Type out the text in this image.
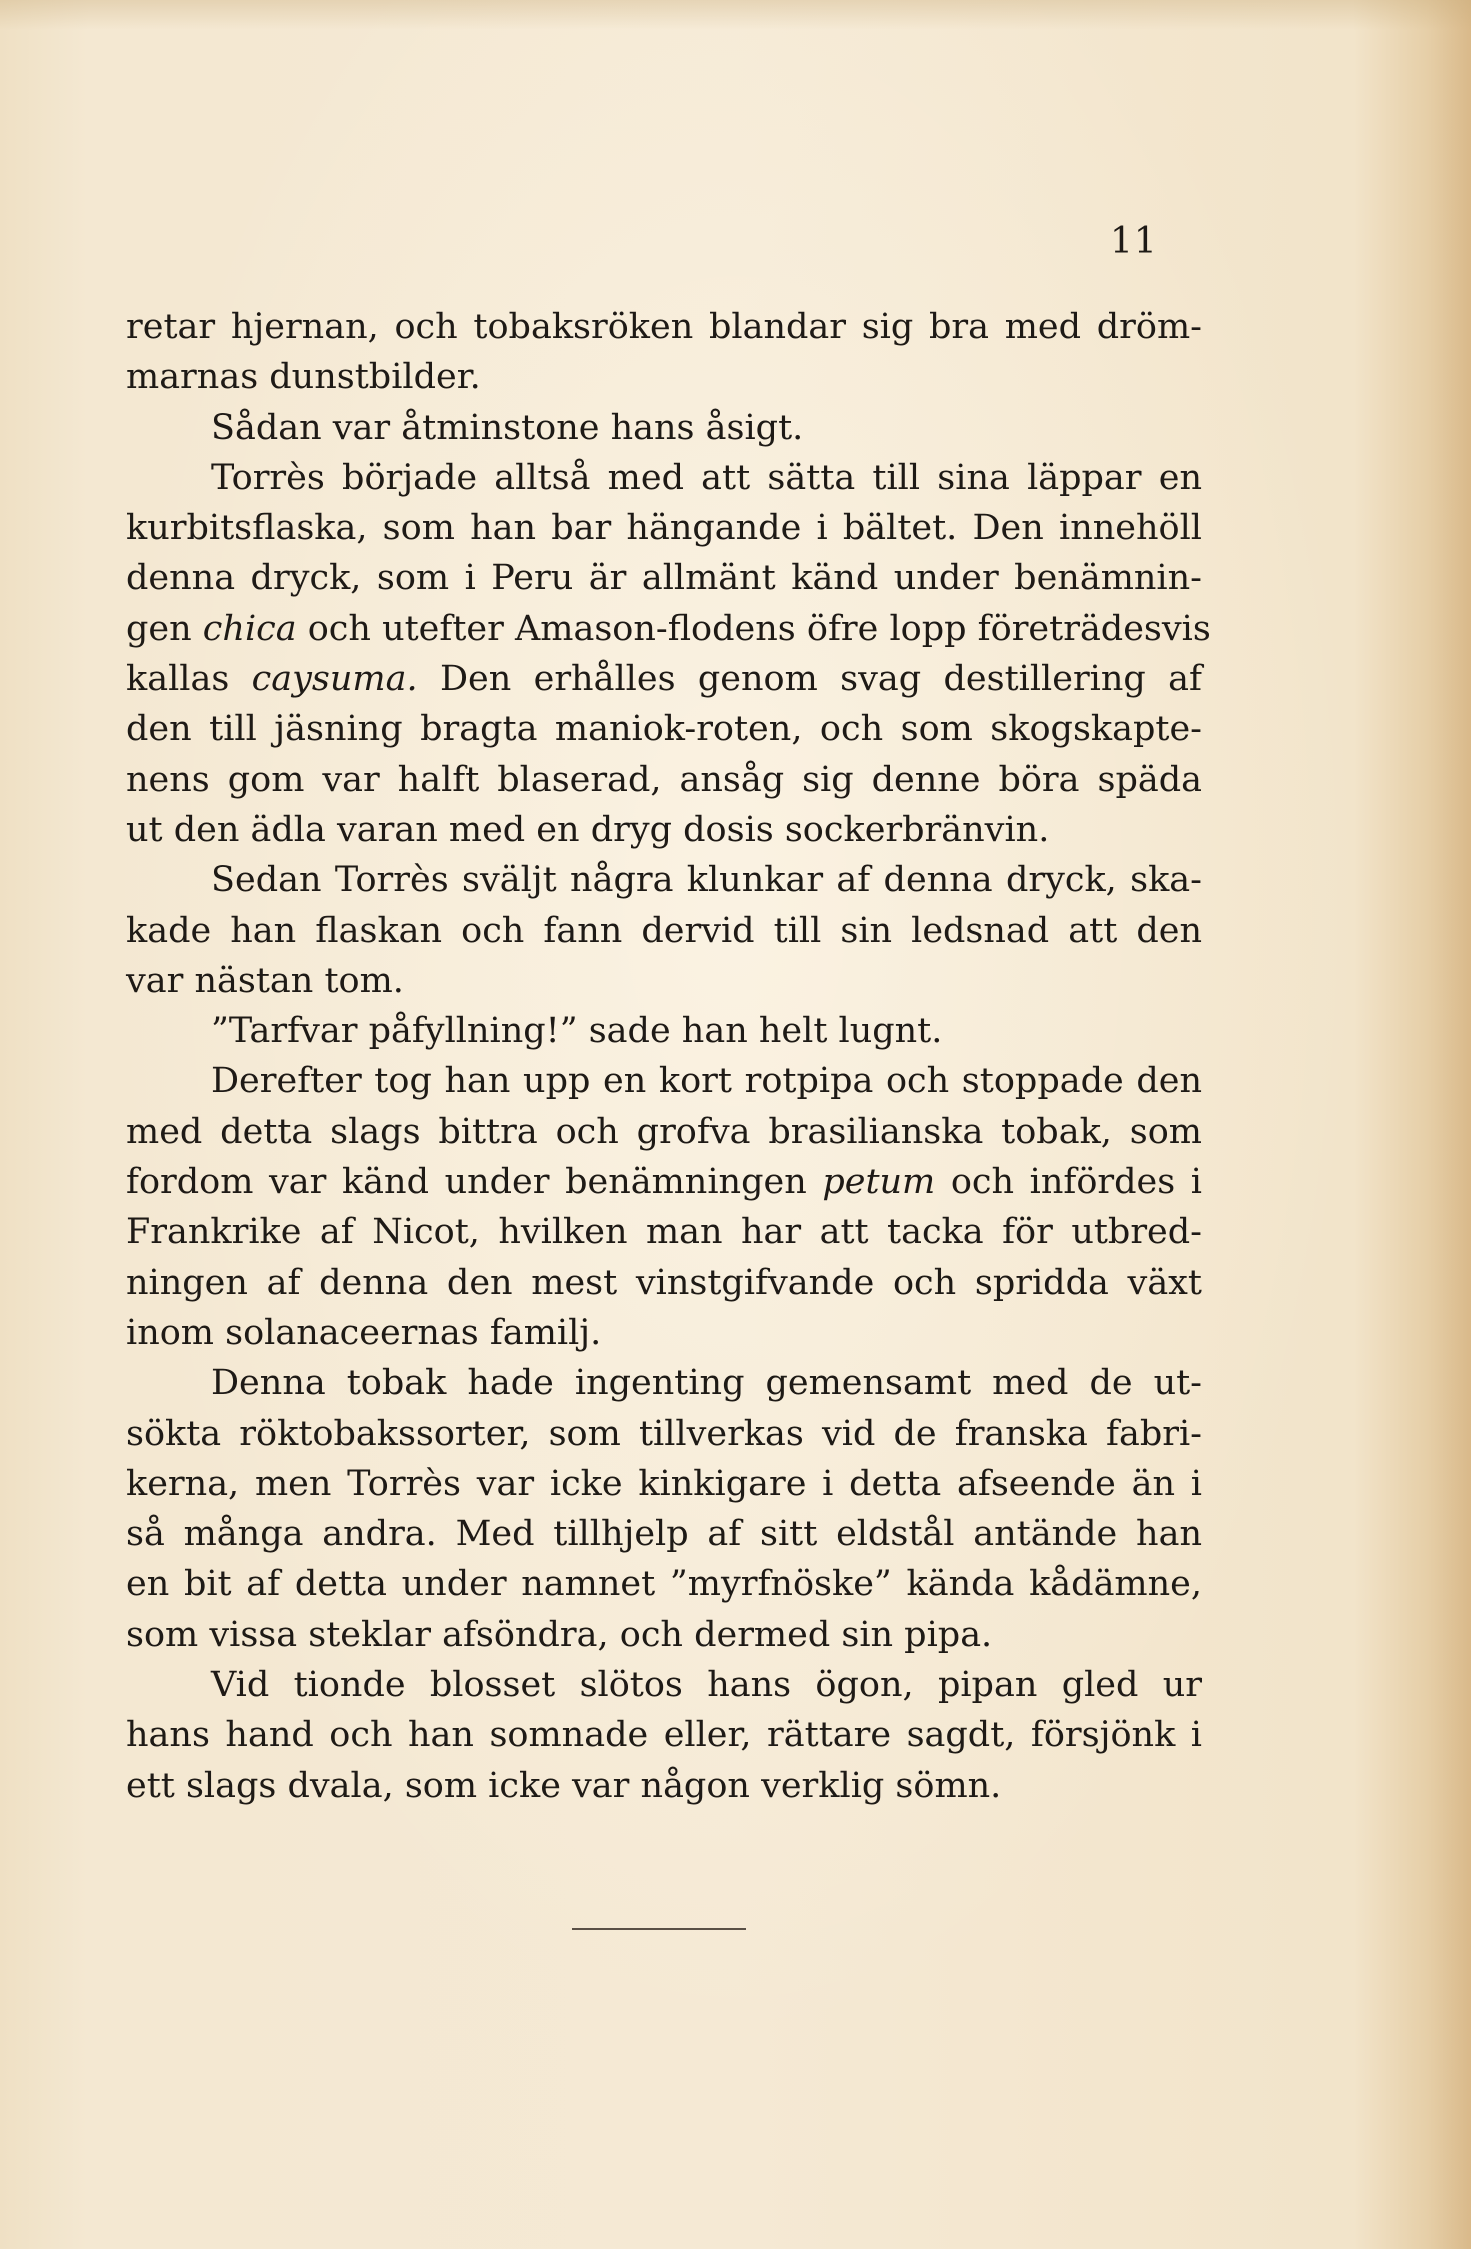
11
retar hjernan, och tobaksröken blandar sig bra med dröm-
marnas dunstbilder.
Sådan var åtminstone hans åsigt.
Torrès började alltså med att sätta till sina läppar en
kurbitsflaska, som han bar hängande i bältet. Den innehöll
denna dryck, som i Peru är allmänt känd under benämnin-
gen chica och utefter Amason-flodens öfre lopp företrädesvis
kallas caysuma. Den erhålles genom svag destillering af
den till jäsning bragta maniok-roten, och som skogskapte-
nens gom var halft blaserad, ansåg sig denne böra späda
ut den ädla varan med en dryg dosis sockerbränvin.
Sedan Torrès svälјt några klunkar af denna dryck, ska-
kade han flaskan och fann dervid till sin ledsnad att den
var nästan tom.
”Tarfvar påfyllning!” sade han helt lugnt.
Derefter tog han upp en kort rotpipa och stoppade den
med detta slags bittra och grofva brasilianska tobak, som
fordom var känd under benämningen petum och infördes i
Frankrike af Nicot, hvilken man har att tacka för utbred-
ningen af denna den mest vinstgifvande och spridda växt
inom solanaceernas familj.
Denna tobak hade ingenting gemensamt med de ut-
sökta röktobakssorter, som tillverkas vid de franska fabri-
kerna, men Torrès var icke kinkigare i detta afseende än i
så många andra. Med tillhjelp af sitt eldstål antände han
en bit af detta under namnet ”myrfnöske” kända kådämne,
som vissa steklar afsöndra, och dermed sin pipa.
Vid tionde blosset slötos hans ögon, pipan gled ur
hans hand och han somnade eller, rättare sagdt, försjönk i
ett slags dvala, som icke var någon verklig sömn.
